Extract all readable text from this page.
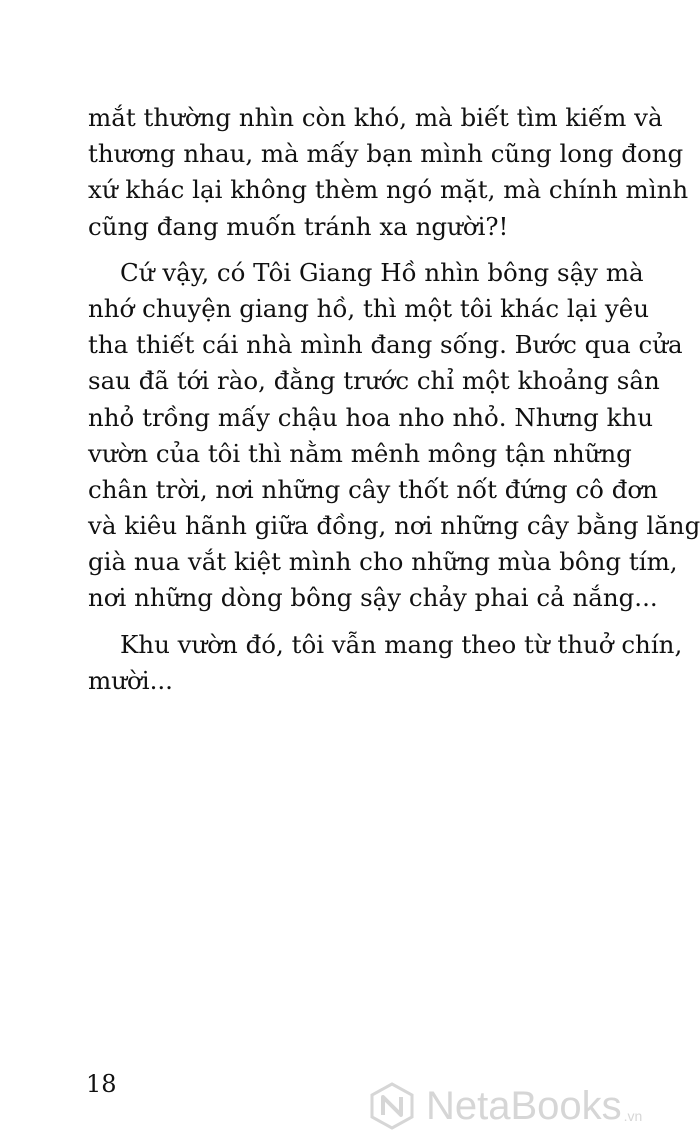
mắt thường nhìn còn khó, mà biết tìm kiếm và
thương nhau, mà mấy bạn mình cũng long đong
xứ khác lại không thèm ngó mặt, mà chính mình
cũng đang muốn tránh xa người?!
Cứ vậy, có Tôi Giang Hồ nhìn bông sậy mà
nhớ chuyện giang hồ, thì một tôi khác lại yêu
tha thiết cái nhà mình đang sống. Bước qua cửa
sau đã tới rào, đằng trước chỉ một khoảng sân
nhỏ trồng mấy chậu hoa nho nhỏ. Nhưng khu
vườn của tôi thì nằm mênh mông tận những
chân trời, nơi những cây thốt nốt đứng cô đơn
và kiêu hãnh giữa đồng, nơi những cây bằng lăng
già nua vắt kiệt mình cho những mùa bông tím,
nơi những dòng bông sậy chảy phai cả nắng...
Khu vườn đó, tôi vẫn mang theo từ thuở chín,
mười...
18	NetaBooks .vn
